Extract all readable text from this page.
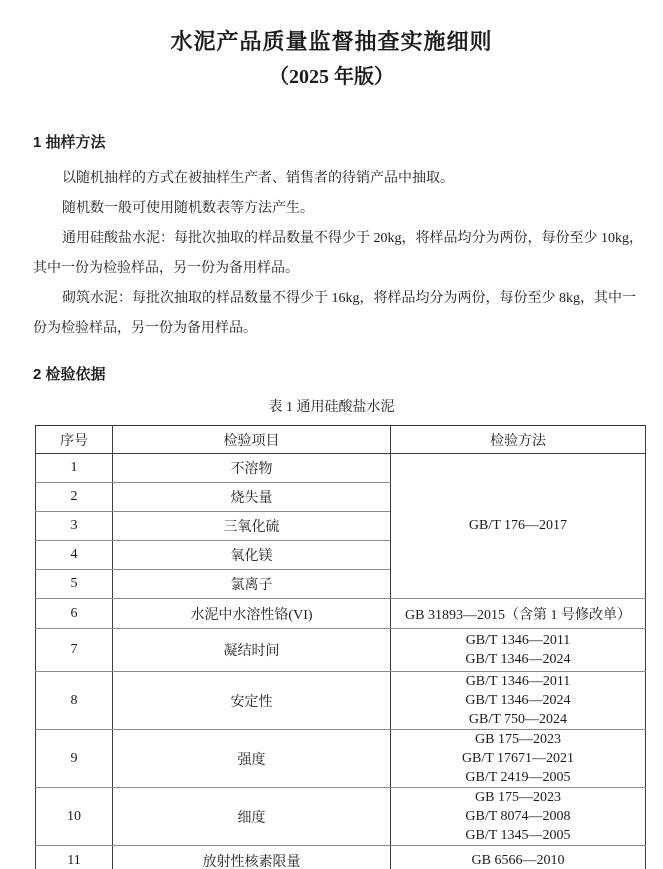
水泥产品质量监督抽查实施细则
（2025 年版）
1 抽样方法

以随机抽样的方式在被抽样生产者、销售者的待销产品中抽取。

随机数一般可使用随机数表等方法产生。

通用硅酸盐水泥：每批次抽取的样品数量不得少于 20kg，将样品均分为两份，每份至少 10kg，

其中一份为检验样品，另一份为备用样品。

砌筑水泥：每批次抽取的样品数量不得少于 16kg，将样品均分为两份，每份至少 8kg，其中一

份为检验样品，另一份为备用样品。

2 检验依据
表 1 通用硅酸盐水泥
序号	检验项目	检验方法
1	不溶物	GB/T 176—2017
2	烧失量	
3	三氧化硫	
4	氧化镁	
5	氯离子	
6	水泥中水溶性铬(VI)	GB 31893—2015（含第 1 号修改单）
7	凝结时间	GB/T 1346—2011
GB/T 1346—2024

8	安定性	GB/T 1346—2011
GB/T 1346—2024
GB/T 750—2024

9	强度	GB 175—2023
GB/T 17671—2021
GB/T 2419—2005

10	细度	GB 175—2023
GB/T 8074—2008
GB/T 1345—2005

11	放射性核素限量	GB 6566—2010
